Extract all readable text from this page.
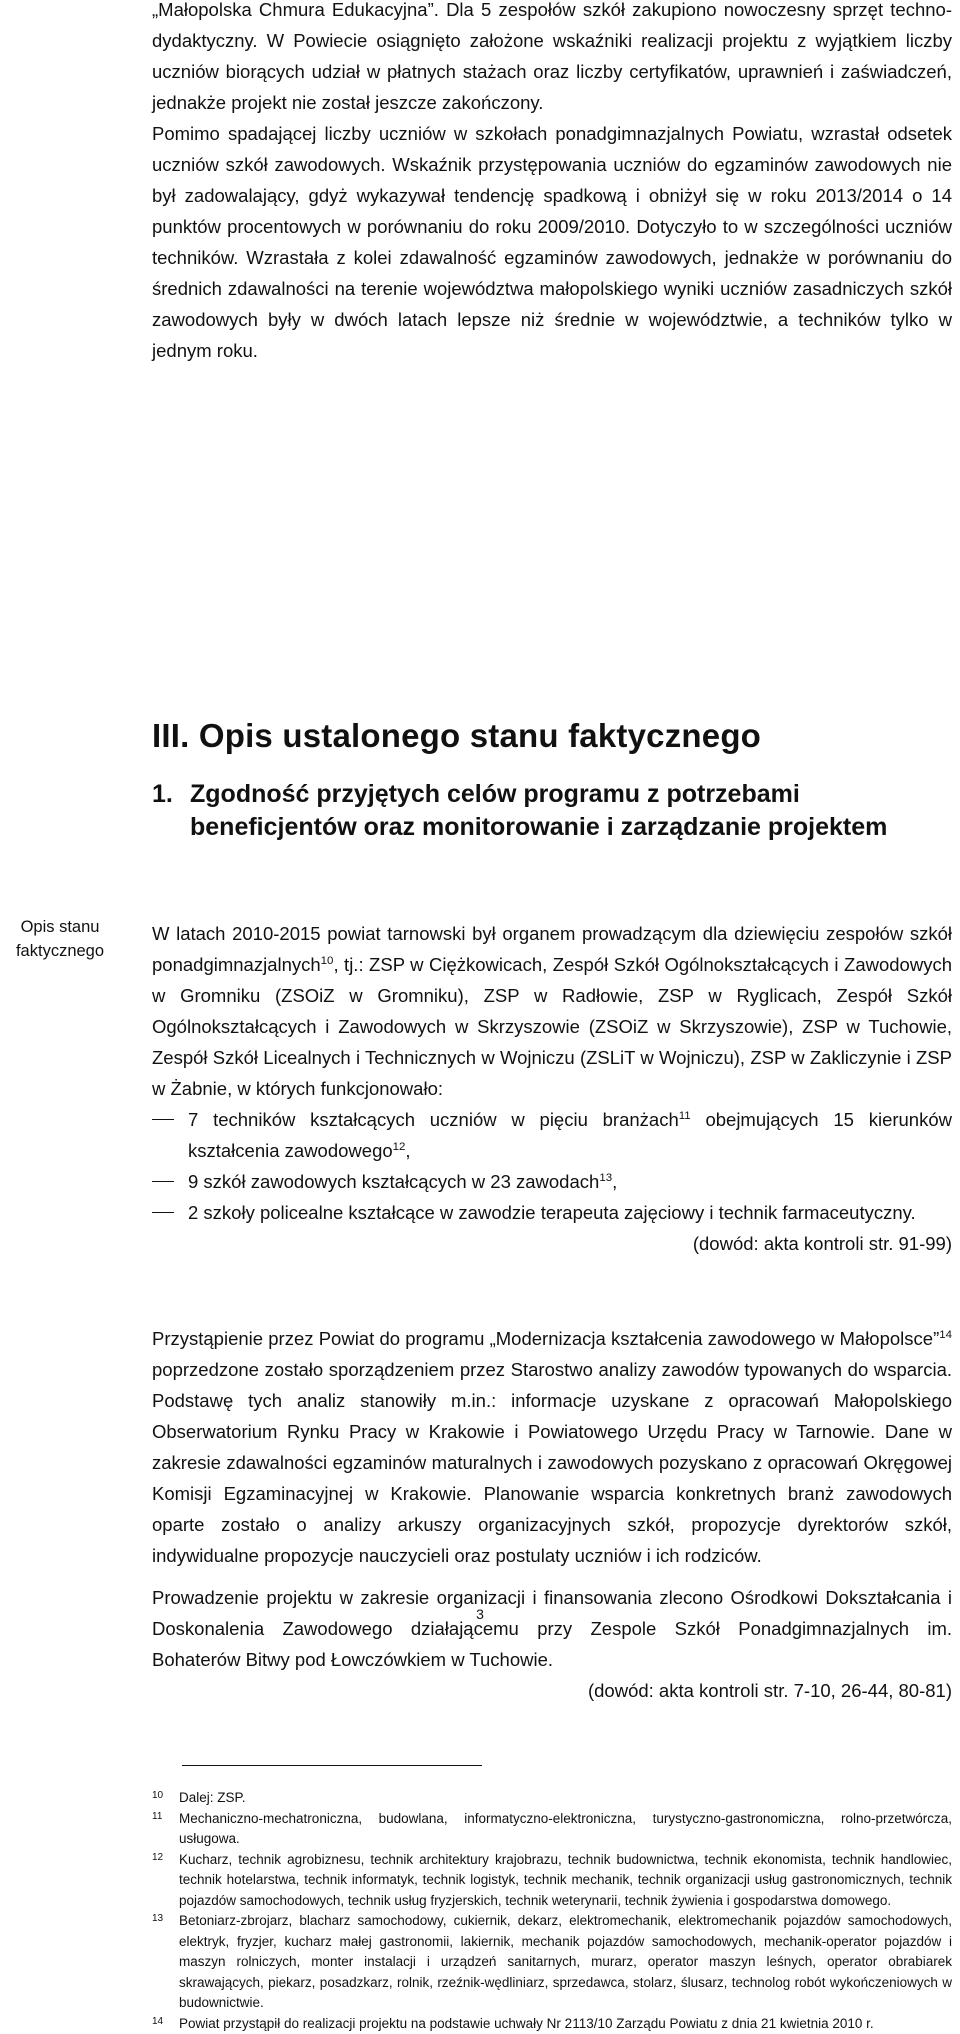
„Małopolska Chmura Edukacyjna”. Dla 5 zespołów szkół zakupiono nowoczesny sprzęt techno-dydaktyczny. W Powiecie osiągnięto założone wskaźniki realizacji projektu z wyjątkiem liczby uczniów biorących udział w płatnych stażach oraz liczby certyfikatów, uprawnień i zaświadczeń, jednakże projekt nie został jeszcze zakończony.
Pomimo spadającej liczby uczniów w szkołach ponadgimnazjalnych Powiatu, wzrastał odsetek uczniów szkół zawodowych. Wskaźnik przystępowania uczniów do egzaminów zawodowych nie był zadowalający, gdyż wykazywał tendencję spadkową i obniżył się w roku 2013/2014 o 14 punktów procentowych w porównaniu do roku 2009/2010. Dotyczyło to w szczególności uczniów techników. Wzrastała z kolei zdawalność egzaminów zawodowych, jednakże w porównaniu do średnich zdawalności na terenie województwa małopolskiego wyniki uczniów zasadniczych szkół zawodowych były w dwóch latach lepsze niż średnie w województwie, a techników tylko w jednym roku.
III. Opis ustalonego stanu faktycznego
1. Zgodność przyjętych celów programu z potrzebami beneficjentów oraz monitorowanie i zarządzanie projektem
Opis stanu faktycznego
W latach 2010-2015 powiat tarnowski był organem prowadzącym dla dziewięciu zespołów szkół ponadgimnazjalnych$^{10}$, tj.: ZSP w Ciężkowicach, Zespół Szkół Ogólnokształcących i Zawodowych w Gromniku (ZSOiZ w Gromniku), ZSP w Radłowie, ZSP w Ryglicach, Zespół Szkół Ogólnokształcących i Zawodowych w Skrzyszowie (ZSOiZ w Skrzyszowie), ZSP w Tuchowie, Zespół Szkół Licealnych i Technicznych w Wojniczu (ZSLiT w Wojniczu), ZSP w Zakliczynie i ZSP w Żabnie, w których funkcjonowało:
7 techników kształcących uczniów w pięciu branżach$^{11}$ obejmujących 15 kierunków kształcenia zawodowego$^{12}$,
9 szkół zawodowych kształcących w 23 zawodach$^{13}$,
2 szkoły policealne kształcące w zawodzie terapeuta zajęciowy i technik farmaceutyczny.
(dowód: akta kontroli str. 91-99)
Przystąpienie przez Powiat do programu „Modernizacja kształcenia zawodowego w Małopolsce”$^{14}$ poprzedzone zostało sporządzeniem przez Starostwo analizy zawodów typowanych do wsparcia. Podstawę tych analiz stanowiły m.in.: informacje uzyskane z opracowań Małopolskiego Obserwatorium Rynku Pracy w Krakowie i Powiatowego Urzędu Pracy w Tarnowie. Dane w zakresie zdawalności egzaminów maturalnych i zawodowych pozyskano z opracowań Okręgowej Komisji Egzaminacyjnej w Krakowie. Planowanie wsparcia konkretnych branż zawodowych oparte zostało o analizy arkuszy organizacyjnych szkół, propozycje dyrektorów szkół, indywidualne propozycje nauczycieli oraz postulaty uczniów i ich rodziców.
Prowadzenie projektu w zakresie organizacji i finansowania zlecono Ośrodkowi Dokształcania i Doskonalenia Zawodowego działającemu przy Zespole Szkół Ponadgimnazjalnych im. Bohaterów Bitwy pod Łowczówkiem w Tuchowie.
(dowód: akta kontroli str. 7-10, 26-44, 80-81)
10 Dalej: ZSP.
11 Mechaniczno-mechatroniczna, budowlana, informatyczno-elektroniczna, turystyczno-gastronomiczna, rolno-przetwórcza, usługowa.
12 Kucharz, technik agrobiznesu, technik architektury krajobrazu, technik budownictwa, technik ekonomista, technik handlowiec, technik hotelarstwa, technik informatyk, technik logistyk, technik mechanik, technik organizacji usług gastronomicznych, technik pojazdów samochodowych, technik usług fryzjerskich, technik weterynarii, technik żywienia i gospodarstwa domowego.
13 Betoniarz-zbrojarz, blacharz samochodowy, cukiernik, dekarz, elektromechanik, elektromechanik pojazdów samochodowych, elektryk, fryzjer, kucharz małej gastronomii, lakiernik, mechanik pojazdów samochodowych, mechanik-operator pojazdów i maszyn rolniczych, monter instalacji i urządzeń sanitarnych, murarz, operator maszyn leśnych, operator obrabiarek skrawających, piekarz, posadzkarz, rolnik, rzeźnik-wędliniarz, sprzedawca, stolarz, ślusarz, technolog robót wykończeniowych w budownictwie.
14 Powiat przystąpił do realizacji projektu na podstawie uchwały Nr 2113/10 Zarządu Powiatu z dnia 21 kwietnia 2010 r.
3
